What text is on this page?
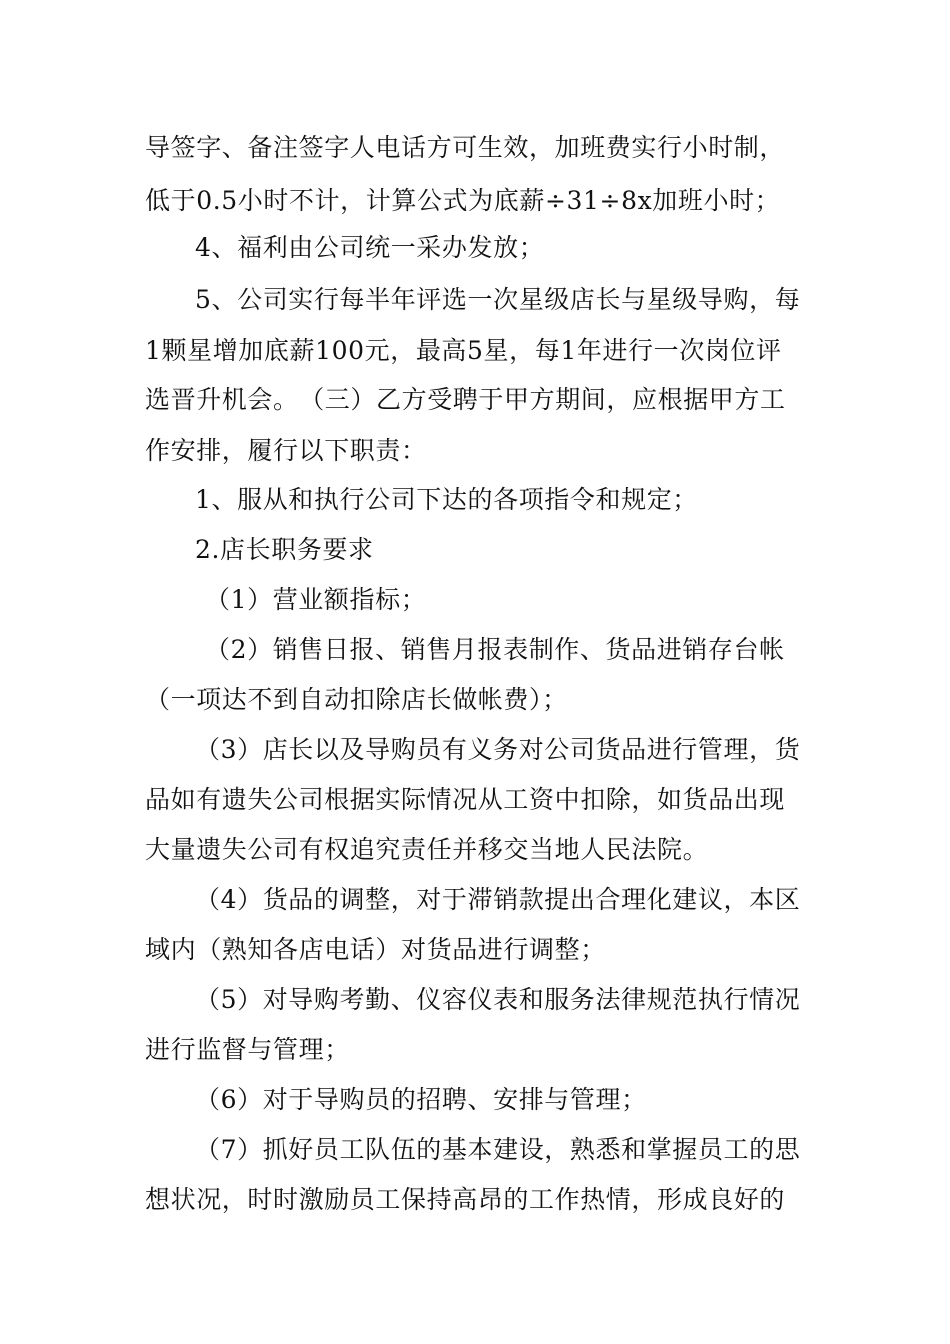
导签字、备注签字人电话方可生效，加班费实行小时制，

低于0.5小时不计，计算公式为底薪÷31÷8x加班小时；

4、福利由公司统一采办发放；

5、公司实行每半年评选一次星级店长与星级导购，每

1颗星增加底薪100元，最高5星，每1年进行一次岗位评

选晋升机会。　（三）乙方受聘于甲方期间，应根据甲方工

作安排，履行以下职责：

1、服从和执行公司下达的各项指令和规定；

2.店长职务要求

（1）营业额指标；

（2）销售日报、销售月报表制作、货品进销存台帐

（一项达不到自动扣除店长做帐费）；

（3）店长以及导购员有义务对公司货品进行管理，货

品如有遗失公司根据实际情况从工资中扣除，如货品出现

大量遗失公司有权追究责任并移交当地人民法院。

（4）货品的调整，对于滞销款提出合理化建议，本区

域内（熟知各店电话）对货品进行调整；

（5）对导购考勤、仪容仪表和服务法律规范执行情况

进行监督与管理；

（6）对于导购员的招聘、安排与管理；

（7）抓好员工队伍的基本建设，熟悉和掌握员工的思

想状况，时时激励员工保持高昂的工作热情，形成良好的
